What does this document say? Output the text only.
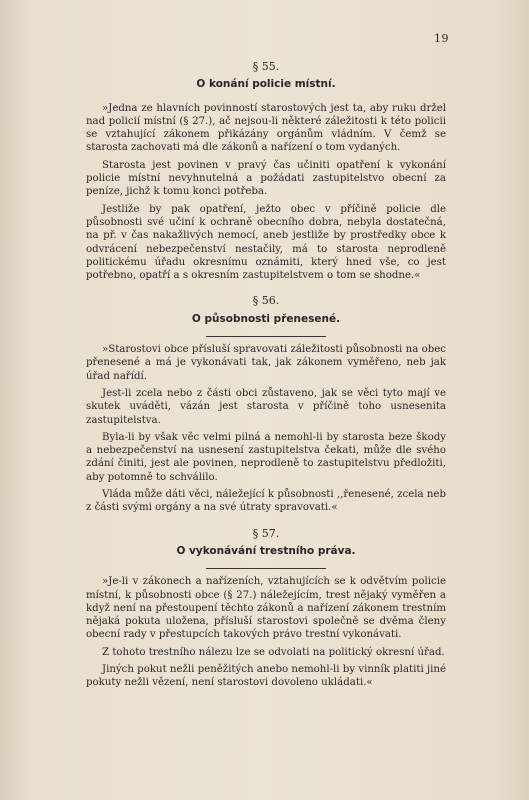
19
§ 55.
O konání policie místní.

»Jedna ze hlavních povinností starostových jest ta, aby ruku držel nad policií místní (§ 27.), ač nejsou-li některé záležitosti k této policii se vztahující zákonem přikázány orgánům vládním. V čemž se starosta zachovati má dle zákonů a nařízení o tom vydaných.

Starosta jest povinen v pravý čas učiniti opatření k vykonání policie místní nevyhnutelná a požádati zastupitelstvo obecní za peníze, jichž k tomu konci potřeba.

Jestliže by pak opatření, ježto obec v příčině policie dle působnosti své učiní k ochraně obecního dobra, nebyla dostatečná, na př. v čas nakažlivých nemocí, aneb jestliže by prostředky obce k odvrácení nebezpečenství nestačily, má to starosta neprodleně politickému úřadu okresnímu oznámiti, který hned vše, co jest potřebno, opatří a s okresním zastupitelstvem o tom se shodne.«

§ 56.
O působnosti přenesené.

»Starostovi obce přísluší spravovati záležitosti působnosti na obec přenesené a má je vykonávati tak, jak zákonem vyměřeno, neb jak úřad nařídí.

Jest-li zcela nebo z části obci zůstaveno, jak se věci tyto mají ve skutek uváděti, vázán jest starosta v příčině toho usnesenita zastupitelstva.

Byla-li by však věc velmi pilná a nemohl-li by starosta beze škody a nebezpečenství na usnesení zastupitelstva čekati, může dle svého zdání činiti, jest ale povinen, neprodleně to zastupitelstvu předložiti, aby potomně to schválilo.

Vláda může dáti věci, náležející k působnosti ,,řenesené, zcela neb z části svými orgány a na své útraty spravovati.«

§ 57.
O vykonávání trestního práva.

»Je-li v zákonech a nařízeních, vztahujících se k odvětvím policie místní, k působnosti obce (§ 27.) náležejícím, trest nějaký vyměřen a když není na přestoupení těchto zákonů a nařízení zákonem trestním nějaká pokuta uložena, přísluší starostovi společně se dvěma členy obecní rady v přestupcích takových právo trestní vykonávati.

Z tohoto trestního nálezu lze se odvolati na politický okresní úřad.

Jiných pokut nežli peněžitých anebo nemohl-li by vinník platiti jiné pokuty nežli vězení, není starostovi dovoleno ukládati.«
